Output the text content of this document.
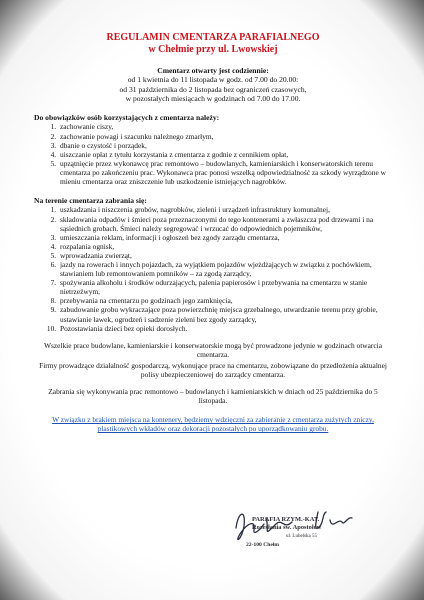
REGULAMIN CMENTARZA PARAFIALNEGO
w Chełmie przy ul. Lwowskiej
Cmentarz otwarty jest codziennie:
od 1 kwietnia do 11 listopada w godz. od 7.00 do 20.00:
od 31 października do 2 listopada bez ograniczeń czasowych,
w pozostałych miesiącach w godzinach od 7.00 do 17.00.
Do obowiązków osób korzystających z cmentarza należy:
1. zachowanie ciszy,
2. zachowanie powagi i szacunku należnego zmarłym,
3. dbanie o czystość i porządek,
4. uiszczanie opłat z tytułu korzystania z cmentarza z godnie z cennikiem opłat,
5. upzątnięcie przez wykonawcę prac remontowo – budowlanych, kamieniarskich i konserwatorskich terenu cmentarza po zakończeniu prac. Wykonawca prac ponosi wszelką odpowiedzialność za szkody wyrządzone w mieniu cmentarza oraz zniszczenie lub uszkodzenie istniejących nagrobków.
Na terenie cmentarza zabrania się:
1. uszkadzania i niszczenia grobów, nagrobków, zieleni i urządzeń infrastruktury komunalnej,
2. składowania odpadów i śmieci poza przeznaczonymi do tego kontenerami a zwłaszcza pod drzewami i na sąsiednich grobach. Śmieci należy segregować i wrzucać do odpowiednich pojemników,
3. umieszczania reklam, informacji i ogłoszeń bez zgody zarządu cmentarza,
4. rozpalania ognisk,
5. wprowadzania zwierząt,
6. jazdy na rowerach i innych pojazdach, za wyjątkiem pojazdów wjeżdżających w związku z pochówkiem, stawianiem lub remontowaniem pomników – za zgodą zarządcy,
7. spożywania alkoholu i środków odurzających, palenia papierosów i przebywania na cmentarzu w stanie nietrzeźwym,
8. przebywania na cmentarzu po godzinach jego zamknięcia,
9. zabudowanie grobu wykraczające poza powierzchnię miejsca grzebalnego, utwardzanie terenu przy grobie, ustawianie ławek, ogrodzeń i sadzenie zieleni bez zgody zarządcy,
10. Pozostawiania dzieci bez opieki dorosłych.
Wszelkie prace budowlane, kamieniarskie i konserwatorskie mogą być prowadzone jedynie w godzinach otwarcia cmentarza.
Firmy prowadzące działalność gospodarczą, wykonujące prace na cmentarzu, zobowiązane do przedłożenia aktualnej polisy ubezpieczeniowej do zarządcy cmentarza.
Zabrania się wykonywania prac remontowo – budowlanych i kamieniarskich w dniach od 25 października do 5 listopada.
W związku z brakiem miejsca na kontenery, będziemy wdzięczni za zabieranie z cmentarza zużytych zniczy, plastikowych wkładów oraz dekoracji pozostałych po uporządkowaniu grobu.
PARAFIA RZYM.-KAT.
Rozesłania św. Apostołów
ul. Lubelska 55
22-100 Chełm
